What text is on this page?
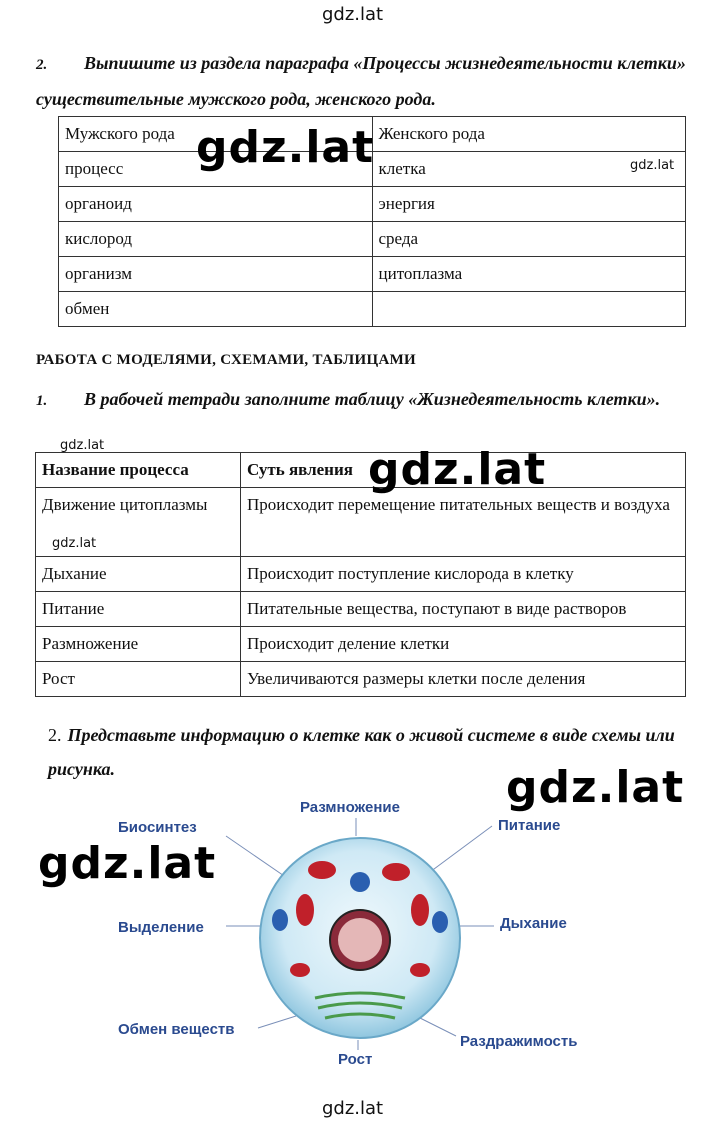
gdz.lat
gdz.lat
2. Выпишите из раздела параграфа «Процессы жизнедеятельности клетки» существительные мужского рода, женского рода.
Мужского рода	Женского рода
процесс	клетка
органоид	энергия
кислород	среда
организм	цитоплазма
обмен	
gdz.lat	gdz.lat
РАБОТА С МОДЕЛЯМИ, СХЕМАМИ, ТАБЛИЦАМИ
1. В рабочей тетради заполните таблицу «Жизнедеятельность клетки».
gdz.lat
Название процесса	Суть явления
Движение цитоплазмы	Происходит перемещение питательных веществ и воздуха
Дыхание	Происходит поступление кислорода в клетку
Питание	Питательные вещества, поступают в виде растворов
Размножение	Происходит деление клетки
Рост	Увеличиваются размеры клетки после деления
gdz.lat
gdz.lat
2. Представьте информацию о клетке как о живой системе в виде схемы или рисунка.
Размножение
Биосинтез	Питание
Выделение	Дыхание
Обмен веществ
Раздражимость
Рост
gdz.lat
gdz.lat
